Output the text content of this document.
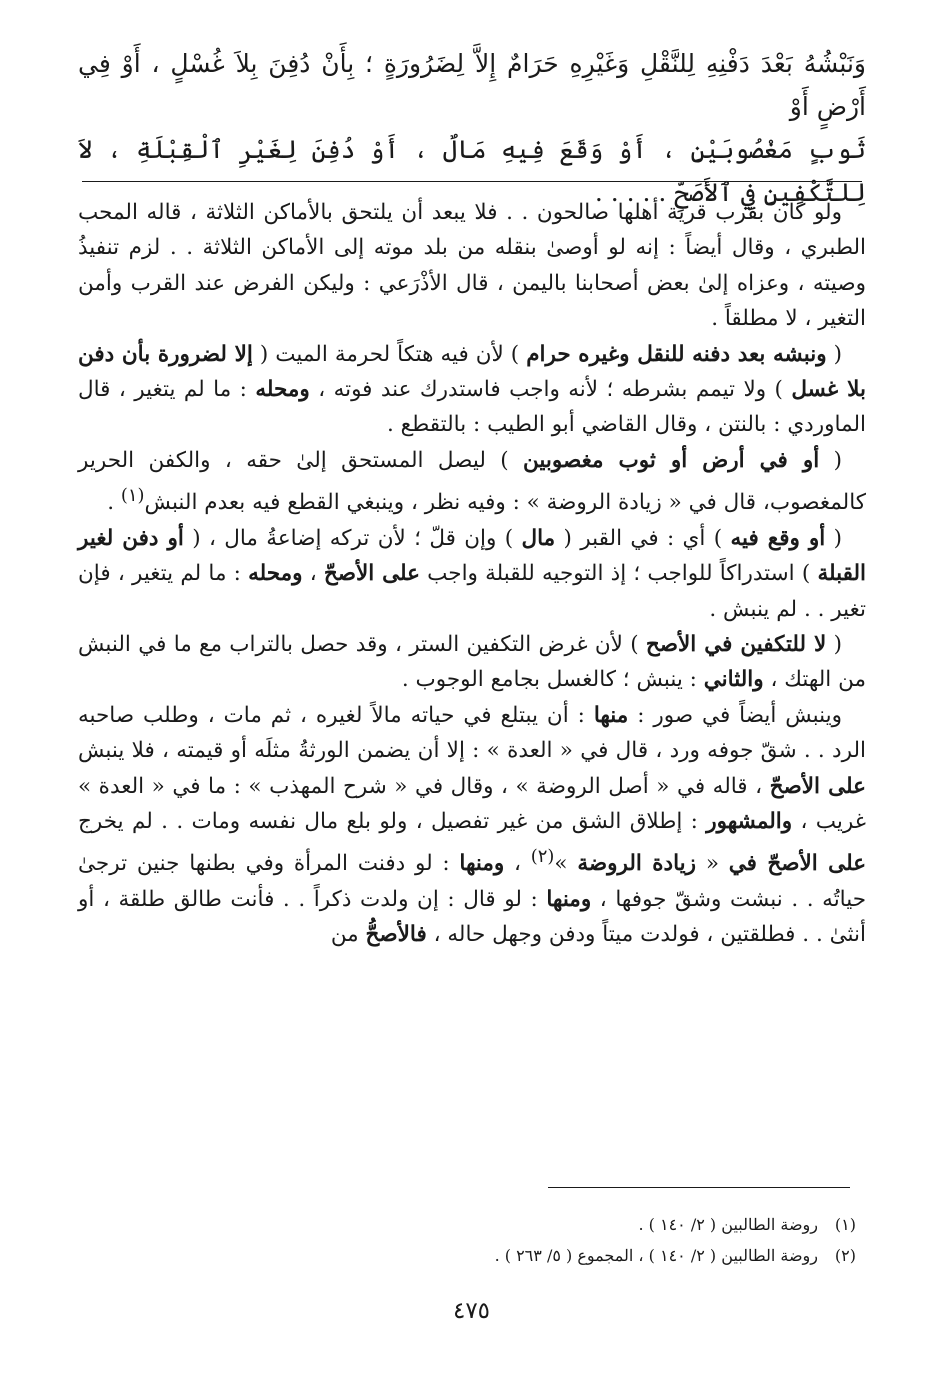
وَنَبْشُهُ بَعْدَ دَفْنِهِ لِلنَّقْلِ وَغَيْرِهِ حَرَامٌ إِلاَّ لِضَرُورَةٍ ؛ بِأَنْ دُفِنَ بِلاَ غُسْلٍ ، أَوْ فِي أَرْضٍ أَوْ

ثَوبٍ مَغْصُوبَيْنِ ، أَوْ وَقَعَ فِيهِ مَالٌ ، أَوْ دُفِنَ لِغَيْرِ ٱلْقِبْلَةِ ، لاَ لِلتَّكْفِينِ فِي ٱلأَصَحِّ . . . . .

ولو كان بقرب قرية أهلها صالحون . . فلا يبعد أن يلتحق بالأماكن الثلاثة ، قاله المحب الطبري ، وقال أيضاً : إنه لو أوصىٰ بنقله من بلد موته إلى الأماكن الثلاثة . . لزم تنفيذُ وصيته ، وعزاه إلىٰ بعض أصحابنا باليمن ، قال الأذْرَعي : وليكن الفرض عند القرب وأمن التغير ، لا مطلقاً .

( ونبشه بعد دفنه للنقل وغيره حرام ) لأن فيه هتكاً لحرمة الميت ( إلا لضرورة بأن دفن بلا غسل ) ولا تيمم بشرطه ؛ لأنه واجب فاستدرك عند فوته ، ومحله : ما لم يتغير ، قال الماوردي : بالنتن ، وقال القاضي أبو الطيب : بالتقطع .

( أو في أرض أو ثوب مغصوبين ) ليصل المستحق إلىٰ حقه ، والكفن الحرير كالمغصوب، قال في « زيادة الروضة » : وفيه نظر ، وينبغي القطع فيه بعدم النبش$^{(١)}$ .

( أو وقع فيه ) أي : في القبر ( مال ) وإن قلّ ؛ لأن تركه إضاعةُ مال ، ( أو دفن لغير القبلة ) استدراكاً للواجب ؛ إذ التوجيه للقبلة واجب على الأصحّ ، ومحله : ما لم يتغير ، فإن تغير . . لم ينبش .

( لا للتكفين في الأصح ) لأن غرض التكفين الستر ، وقد حصل بالتراب مع ما في النبش من الهتك ، والثاني : ينبش ؛ كالغسل بجامع الوجوب .

وينبش أيضاً في صور : منها : أن يبتلع في حياته مالاً لغيره ، ثم مات ، وطلب صاحبه الرد . . شقّ جوفه ورد ، قال في « العدة » : إلا أن يضمن الورثةُ مثلَه أو قيمته ، فلا ينبش على الأصحّ ، قاله في « أصل الروضة » ، وقال في « شرح المهذب » : ما في « العدة » غريب ، والمشهور : إطلاق الشق من غير تفصيل ، ولو بلع مال نفسه ومات . . لم يخرج على الأصحّ في « زيادة الروضة »$^{(٢)}$ ، ومنها : لو دفنت المرأة وفي بطنها جنين ترجىٰ حياتُه . . نبشت وشقّ جوفها ، ومنها : لو قال : إن ولدت ذكراً . . فأنت طالق طلقة ، أو أنثىٰ . . فطلقتين ، فولدت ميتاً ودفن وجهل حاله ، فالأصحُّ من

(١)روضة الطالبين ( ٢/ ١٤٠ ) .

(٢)روضة الطالبين ( ٢/ ١٤٠ ) ، المجموع ( ٥/ ٢٦٣ ) .

٤٧٥
